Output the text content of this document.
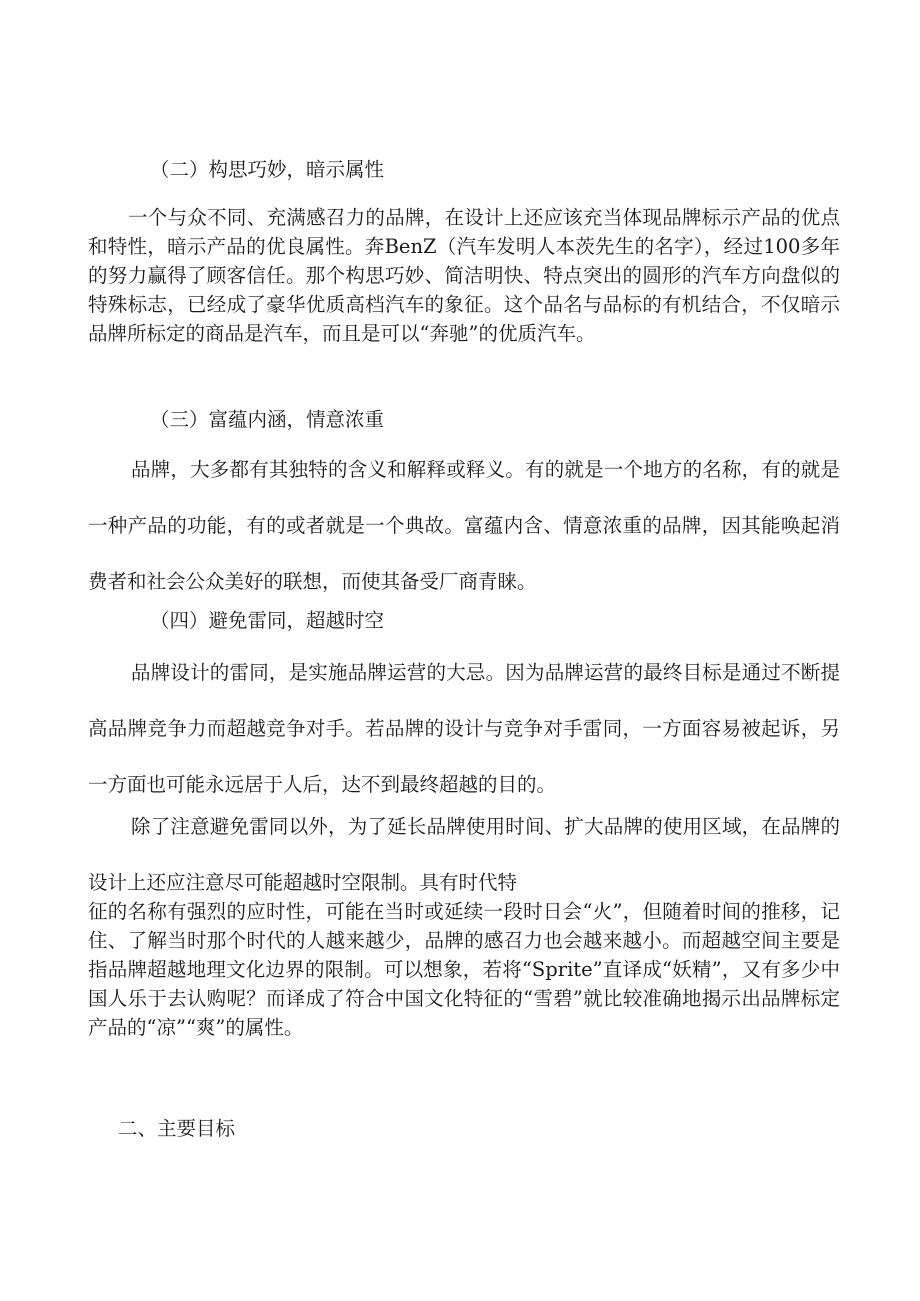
（二）构思巧妙，暗示属性

一个与众不同、充满感召力的品牌，在设计上还应该充当体现品牌标示产品的优点和特性，暗示产品的优良属性。奔BenZ（汽车发明人本茨先生的名字），经过100多年的努力赢得了顾客信任。那个构思巧妙、简洁明快、特点突出的圆形的汽车方向盘似的特殊标志，已经成了豪华优质高档汽车的象征。这个品名与品标的有机结合，不仅暗示品牌所标定的商品是汽车，而且是可以“奔驰”的优质汽车。

（三）富蕴内涵，情意浓重

品牌，大多都有其独特的含义和解释或释义。有的就是一个地方的名称，有的就是一种产品的功能，有的或者就是一个典故。富蕴内含、情意浓重的品牌，因其能唤起消费者和社会公众美好的联想，而使其备受厂商青睐。

（四）避免雷同，超越时空

品牌设计的雷同，是实施品牌运营的大忌。因为品牌运营的最终目标是通过不断提高品牌竞争力而超越竞争对手。若品牌的设计与竞争对手雷同，一方面容易被起诉，另一方面也可能永远居于人后，达不到最终超越的目的。

除了注意避免雷同以外，为了延长品牌使用时间、扩大品牌的使用区域，在品牌的设计上还应注意尽可能超越时空限制。具有时代特

征的名称有强烈的应时性，可能在当时或延续一段时日会“火”，但随着时间的推移，记住、了解当时那个时代的人越来越少，品牌的感召力也会越来越小。而超越空间主要是指品牌超越地理文化边界的限制。可以想象，若将“Sprite”直译成“妖精”，又有多少中国人乐于去认购呢？而译成了符合中国文化特征的“雪碧”就比较准确地揭示出品牌标定产品的“凉”“爽”的属性。

二、主要目标
